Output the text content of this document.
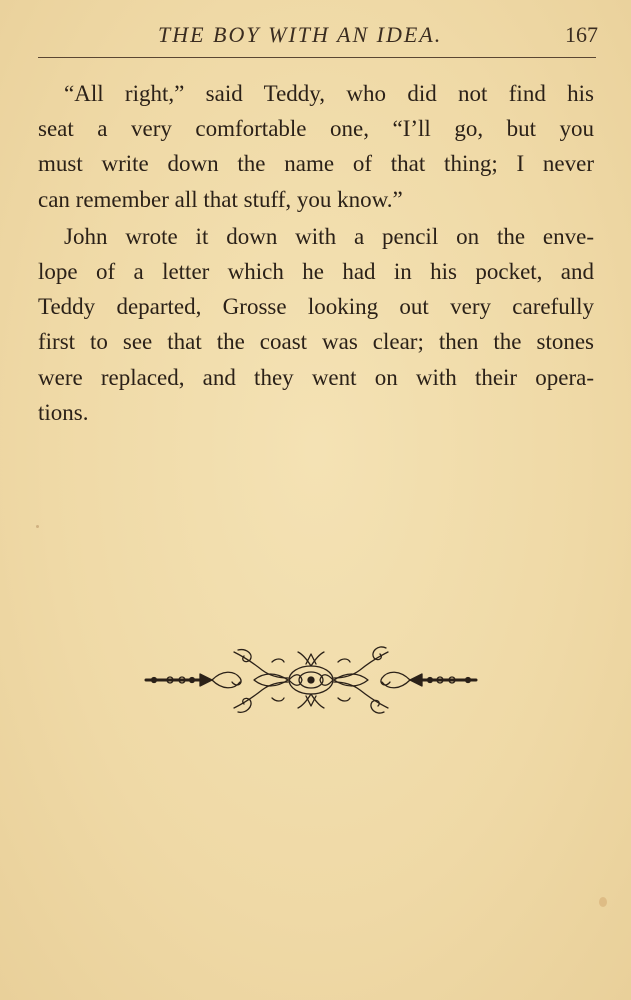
THE BOY WITH AN IDEA.	167
“All right,” said Teddy, who did not find his
seat a very comfortable one, “I’ll go, but you
must write down the name of that thing; I never
can remember all that stuff, you know.”
John wrote it down with a pencil on the enve-
lope of a letter which he had in his pocket, and
Teddy departed, Grosse looking out very carefully
first to see that the coast was clear; then the stones
were replaced, and they went on with their opera-
tions.
